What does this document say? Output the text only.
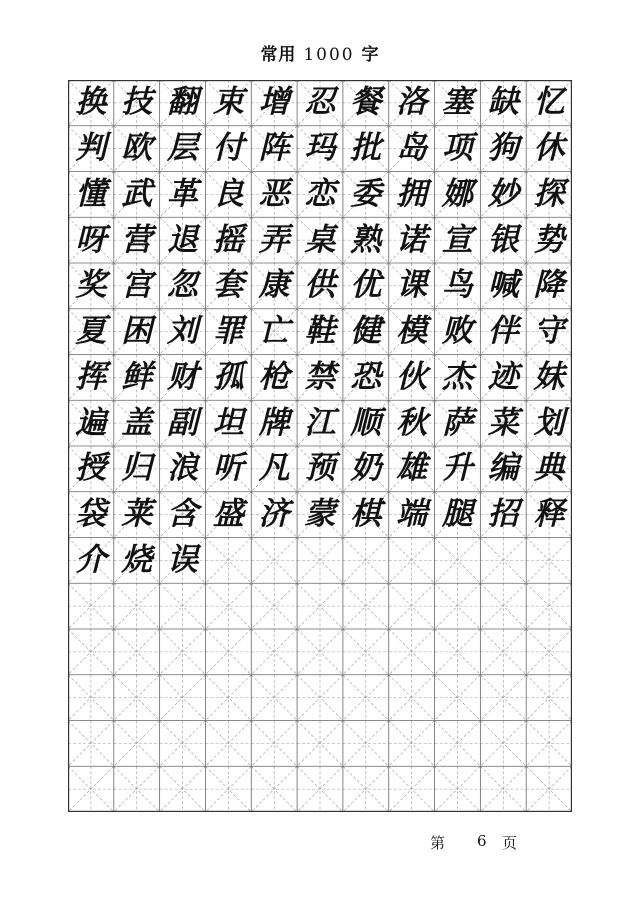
常用 1000 字
换 技 翻 束 增 忍 餐 洛 塞 缺 忆
判 欧 层 付 阵 玛 批 岛 项 狗 休
懂 武 革 良 恶 恋 委 拥 娜 妙 探
呀 营 退 摇 弄 桌 熟 诺 宣 银 势
奖 宫 忽 套 康 供 优 课 鸟 喊 降
夏 困 刘 罪 亡 鞋 健 模 败 伴 守
挥 鲜 财 孤 枪 禁 恐 伙 杰 迹 妹
遍 盖 副 坦 牌 江 顺 秋 萨 菜 划
授 归 浪 听 凡 预 奶 雄 升 编 典
袋 莱 含 盛 济 蒙 棋 端 腿 招 释
介 烧 误
第 6 页
